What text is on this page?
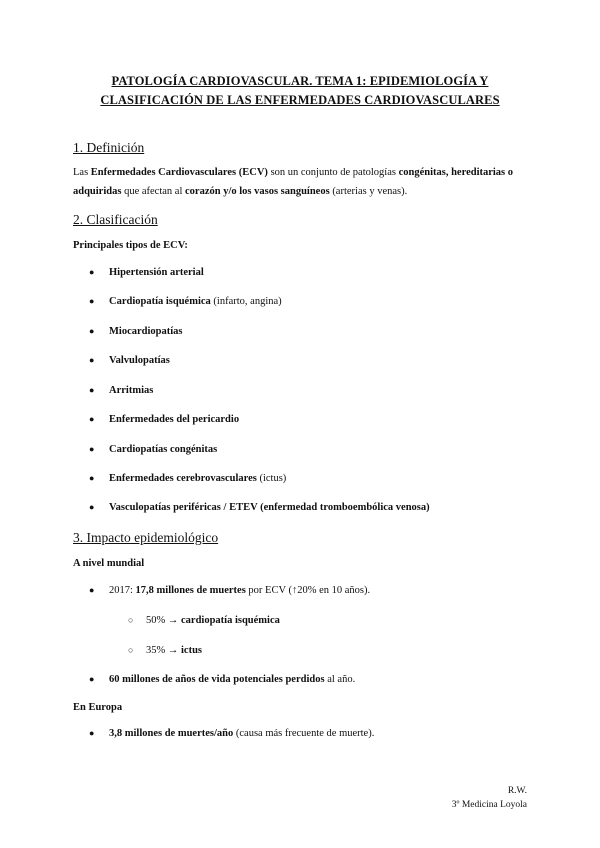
PATOLOGÍA CARDIOVASCULAR. TEMA 1: EPIDEMIOLOGÍA Y
CLASIFICACIÓN DE LAS ENFERMEDADES CARDIOVASCULARES
1. Definición
Las Enfermedades Cardiovasculares (ECV) son un conjunto de patologías congénitas, hereditarias o adquiridas que afectan al corazón y/o los vasos sanguíneos (arterias y venas).
2. Clasificación
Principales tipos de ECV:
● Hipertensión arterial
● Cardiopatía isquémica (infarto, angina)
● Miocardiopatías
● Valvulopatías
● Arritmias
● Enfermedades del pericardio
● Cardiopatías congénitas
● Enfermedades cerebrovasculares (ictus)
● Vasculopatías periféricas / ETEV (enfermedad tromboembólica venosa)
3. Impacto epidemiológico
A nivel mundial
● 2017: 17,8 millones de muertes por ECV (↑20% en 10 años).
○ 50% → cardiopatía isquémica
○ 35% → ictus
● 60 millones de años de vida potenciales perdidos al año.
En Europa
● 3,8 millones de muertes/año (causa más frecuente de muerte).
R.W.
3º Medicina Loyola
